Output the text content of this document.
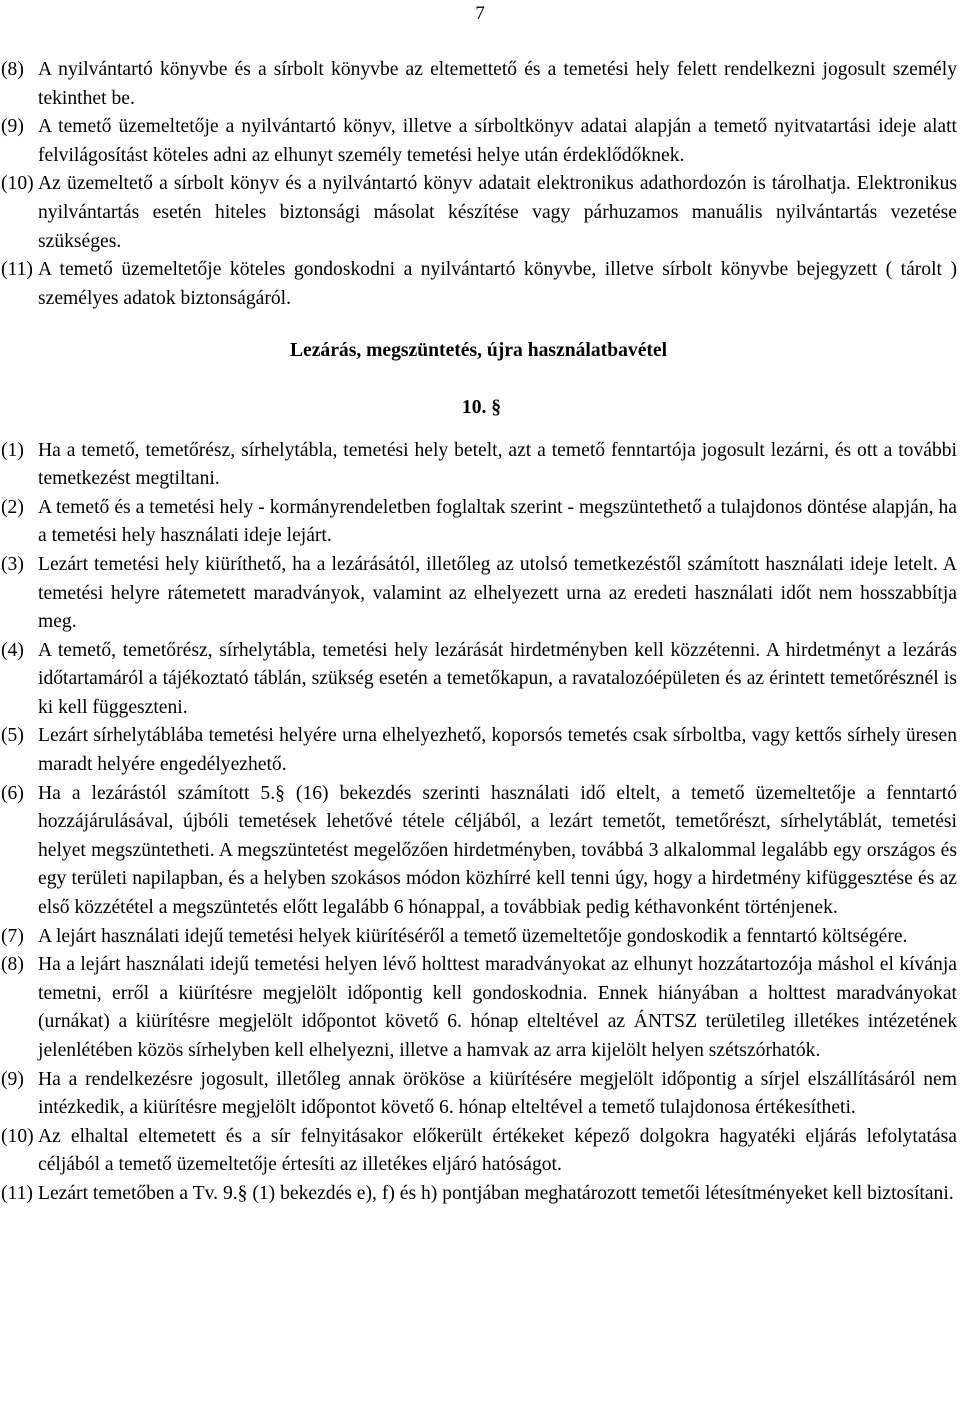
7
(8) A nyilvántartó könyvbe és a sírbolt könyvbe az eltemettető és a temetési hely felett rendelkezni jogosult személy tekinthet be.
(9) A temető üzemeltetője a nyilvántartó könyv, illetve a sírboltkönyv adatai alapján a temető nyitvatartási ideje alatt felvilágosítást köteles adni az elhunyt személy temetési helye után érdeklődőknek.
(10) Az üzemeltető a sírbolt könyv és a nyilvántartó könyv adatait elektronikus adathordozón is tárolhatja. Elektronikus nyilvántartás esetén hiteles biztonsági másolat készítése vagy párhuzamos manuális nyilvántartás vezetése szükséges.
(11) A temető üzemeltetője köteles gondoskodni a nyilvántartó könyvbe, illetve sírbolt könyvbe bejegyzett ( tárolt ) személyes adatok biztonságáról.
Lezárás, megszüntetés, újra használatbavétel
10. §
(1) Ha a temető, temetőrész, sírhelytábla, temetési hely betelt, azt a temető fenntartója jogosult lezárni, és ott a további temetkezést megtiltani.
(2) A temető és a temetési hely - kormányrendeletben foglaltak szerint - megszüntethető a tulajdonos döntése alapján, ha a temetési hely használati ideje lejárt.
(3) Lezárt temetési hely kiüríthető, ha a lezárásától, illetőleg az utolsó temetkezéstől számított használati ideje letelt. A temetési helyre rátemetett maradványok, valamint az elhelyezett urna az eredeti használati időt nem hosszabbítja meg.
(4) A temető, temetőrész, sírhelytábla, temetési hely lezárását hirdetményben kell közzétenni. A hirdetményt a lezárás időtartamáról a tájékoztató táblán, szükség esetén a temetőkapun, a ravatalozóépületen és az érintett temetőrésznél is ki kell függeszteni.
(5) Lezárt sírhelytáblába temetési helyére urna elhelyezhető, koporsós temetés csak sírboltba, vagy kettős sírhely üresen maradt helyére engedélyezhető.
(6) Ha a lezárástól számított 5.§ (16) bekezdés szerinti használati idő eltelt, a temető üzemeltetője a fenntartó hozzájárulásával, újbóli temetések lehetővé tétele céljából, a lezárt temetőt, temetőrészt, sírhelytáblát, temetési helyet megszüntetheti. A megszüntetést megelőzően hirdetményben, továbbá 3 alkalommal legalább egy országos és egy területi napilapban, és a helyben szokásos módon közhírré kell tenni úgy, hogy a hirdetmény kifüggesztése és az első közzététel a megszüntetés előtt legalább 6 hónappal, a továbbiak pedig kéthavonként történjenek.
(7) A lejárt használati idejű temetési helyek kiürítéséről a temető üzemeltetője gondoskodik a fenntartó költségére.
(8) Ha a lejárt használati idejű temetési helyen lévő holttest maradványokat az elhunyt hozzátartozója máshol el kívánja temetni, erről a kiürítésre megjelölt időpontig kell gondoskodnia. Ennek hiányában a holttest maradványokat (urnákat) a kiürítésre megjelölt időpontot követő 6. hónap elteltével az ÁNTSZ területileg illetékes intézetének jelenlétében közös sírhelyben kell elhelyezni, illetve a hamvak az arra kijelölt helyen szétszórhatók.
(9) Ha a rendelkezésre jogosult, illetőleg annak örököse a kiürítésére megjelölt időpontig a sírjel elszállításáról nem intézkedik, a kiürítésre megjelölt időpontot követő 6. hónap elteltével a temető tulajdonosa értékesítheti.
(10) Az elhaltal eltemetett és a sír felnyitásakor előkerült értékeket képező dolgokra hagyatéki eljárás lefolytatása céljából a temető üzemeltetője értesíti az illetékes eljáró hatóságot.
(11) Lezárt temetőben a Tv. 9.§ (1) bekezdés e), f) és h) pontjában meghatározott temetői létesítményeket kell biztosítani.
